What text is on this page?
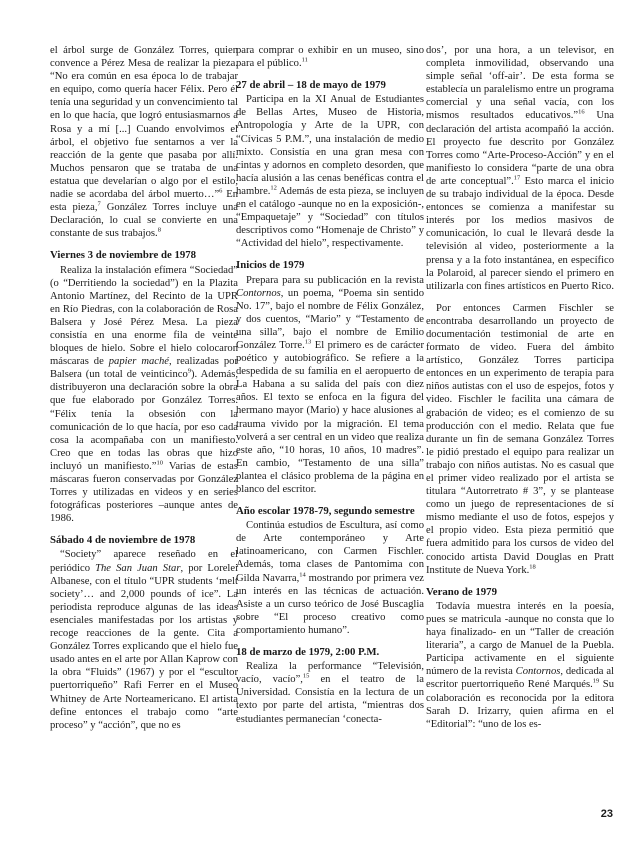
el árbol surge de González Torres, quien convence a Pérez Mesa de realizar la pieza. “No era común en esa época lo de trabajar en equipo, como quería hacer Félix. Pero él tenía una seguridad y un convencimiento tal en lo que hacía, que logró entusiasmarnos a Rosa y a mí [...] Cuando envolvimos el árbol, el objetivo fue sentarnos a ver la reacción de la gente que pasaba por allí. Muchos pensaron que se trataba de una estatua que develarían o algo por el estilo, nadie se acordaba del árbol muerto…”$^6$ En esta pieza,$^7$ González Torres incluye una Declaración, lo cual se convierte en una constante de sus trabajos.$^8$

Viernes 3 de noviembre de 1978

Realiza la instalación efímera “Sociedad” (o “Derritiendo la sociedad”) en la Plazita Antonio Martínez, del Recinto de la UPR en Río Piedras, con la colaboración de Rosa Balsera y José Pérez Mesa. La pieza consistía en una enorme fila de veinte bloques de hielo. Sobre el hielo colocaron máscaras de papier maché, realizadas por Balsera (un total de veinticinco$^9$). Además, distribuyeron una declaración sobre la obra que fue elaborado por González Torres. “Félix tenía la obsesión con la comunicación de lo que hacía, por eso cada cosa la acompañaba con un manifiesto. Creo que en todas las obras que hizo incluyó un manifiesto.”$^{10}$ Varias de estas máscaras fueron conservadas por González Torres y utilizadas en videos y en series fotográficas posteriores –aunque antes de 1986.

Sábado 4 de noviembre de 1978

“Society” aparece reseñado en el periódico The San Juan Star, por Lorelei Albanese, con el título “UPR students ‘melt society’… and 2,000 pounds of ice”. La periodista reproduce algunas de las ideas esenciales manifestadas por los artistas y recoge reacciones de la gente. Cita a González Torres explicando que el hielo fue usado antes en el arte por Allan Kaprow con la obra “Fluids” (1967) y por el “escultor puertorriqueño” Rafi Ferrer en el Museo Whitney de Arte Norteamericano. El artista define entonces el trabajo como “arte proceso” y “acción”, que no es

para comprar o exhibir en un museo, sino para el público.$^{11}$

27 de abril – 18 de mayo de 1979

Participa en la XI Anual de Estudiantes de Bellas Artes, Museo de Historia, Antropología y Arte de la UPR, con “Cívicas 5 P.M.”, una instalación de medio mixto. Consistía en una gran mesa con cintas y adornos en completo desorden, que hacía alusión a las cenas benéficas contra el hambre.$^{12}$ Además de esta pieza, se incluyen en el catálogo -aunque no en la exposición-, “Empaquetaje” y “Sociedad” con títulos descriptivos como “Homenaje de Christo” y “Actividad del hielo”, respectivamente.

Inicios de 1979

Prepara para su publicación en la revista Contornos, un poema, “Poema sin sentido No. 17”, bajo el nombre de Félix González, y dos cuentos, “Mario” y “Testamento de una silla”, bajo el nombre de Emilio González Torre.$^{13}$ El primero es de carácter poético y autobiográfico. Se refiere a la despedida de su familia en el aeropuerto de La Habana a su salida del país con diez años. El texto se enfoca en la figura del hermano mayor (Mario) y hace alusiones al trauma vivido por la migración. El tema volverá a ser central en un video que realiza este año, “10 horas, 10 años, 10 madres”. En cambio, “Testamento de una silla” plantea el clásico problema de la página en blanco del escritor.

Año escolar 1978-79, segundo semestre

Continúa estudios de Escultura, así como de Arte contemporáneo y Arte latinoamericano, con Carmen Fischler. Además, toma clases de Pantomima con Gilda Navarra,$^{14}$ mostrando por primera vez un interés en las técnicas de actuación. Asiste a un curso teórico de José Buscaglia sobre “El proceso creativo como comportamiento humano”.

18 de marzo de 1979, 2:00 P.M.

Realiza la performance “Televisión, vacío, vacío”,$^{15}$ en el teatro de la Universidad. Consistía en la lectura de un texto por parte del artista, “mientras dos estudiantes permanecían ‘conecta-

dos’, por una hora, a un televisor, en completa inmovilidad, observando una simple señal ‘off-air’. De esta forma se establecía un paralelismo entre un programa comercial y una señal vacía, con los mismos resultados educativos.”$^{16}$ Una declaración del artista acompañó la acción. El proyecto fue descrito por González Torres como “Arte-Proceso-Acción” y en el manifiesto lo considera “parte de una obra de arte conceptual”.$^{17}$ Esto marca el inicio de su trabajo individual de la época. Desde entonces se comienza a manifestar su interés por los medios masivos de comunicación, lo cual le llevará desde la televisión al video, posteriormente a la prensa y a la foto instantánea, en específico la Polaroid, al parecer siendo el primero en utilizarla con fines artísticos en Puerto Rico.

Por entonces Carmen Fischler se encontraba desarrollando un proyecto de documentación testimonial de arte en formato de video. Fuera del ámbito artístico, González Torres participa entonces en un experimento de terapia para niños autistas con el uso de espejos, fotos y video. Fischler le facilita una cámara de grabación de video; es el comienzo de su producción con el medio. Relata que fue durante un fin de semana González Torres le pidió prestado el equipo para realizar un trabajo con niños autistas. No es casual que el primer video realizado por el artista se titulara “Autorretrato # 3”, y se plantease como un juego de representaciones de sí mismo mediante el uso de fotos, espejos y el propio video. Esta pieza permitió que fuera admitido para los cursos de video del conocido artista David Douglas en Pratt Institute de Nueva York.$^{18}$

Verano de 1979

Todavía muestra interés en la poesía, pues se matricula -aunque no consta que lo haya finalizado- en un “Taller de creación literaria”, a cargo de Manuel de la Puebla. Participa activamente en el siguiente número de la revista Contornos, dedicada al escritor puertorriqueño René Marqués.$^{19}$ Su colaboración es reconocida por la editora Sarah D. Irizarry, quien afirma en el “Editorial”: “uno de los es-

23
